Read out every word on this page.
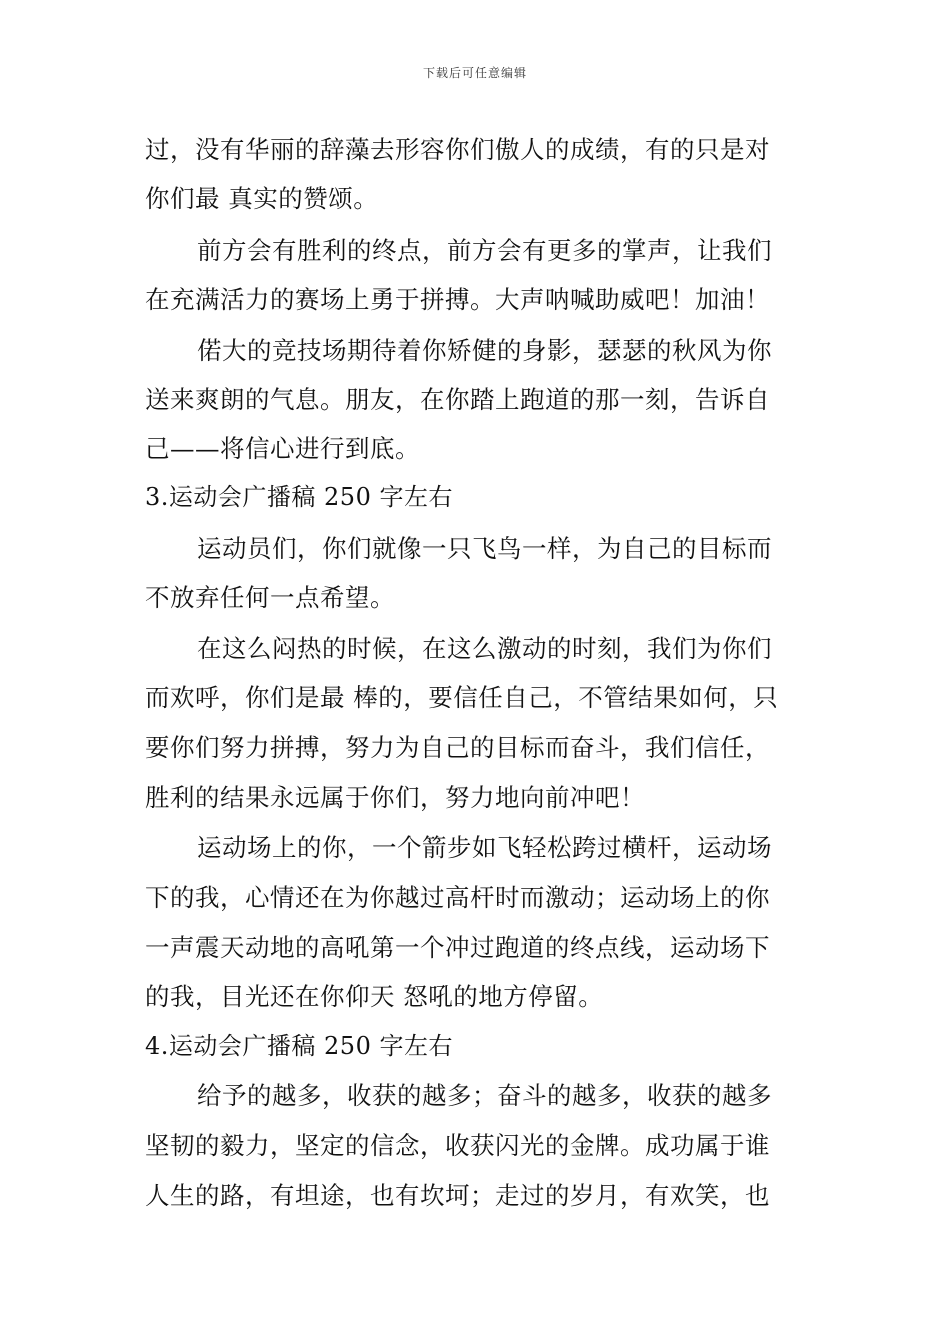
下载后可任意编辑
过，没有华丽的辞藻去形容你们傲人的成绩，有的只是对
你们最 真实的赞颂。
前方会有胜利的终点，前方会有更多的掌声，让我们
在充满活力的赛场上勇于拼搏。大声呐喊助威吧！加油！
偌大的竞技场期待着你矫健的身影，瑟瑟的秋风为你
送来爽朗的气息。朋友，在你踏上跑道的那一刻，告诉自
己——将信心进行到底。
3.运动会广播稿 250 字左右
运动员们，你们就像一只飞鸟一样，为自己的目标而
不放弃任何一点希望。
在这么闷热的时候，在这么激动的时刻，我们为你们
而欢呼，你们是最 棒的，要信任自己，不管结果如何，只
要你们努力拼搏，努力为自己的目标而奋斗，我们信任，
胜利的结果永远属于你们，努力地向前冲吧！
运动场上的你，一个箭步如飞轻松跨过横杆，运动场
下的我，心情还在为你越过高杆时而激动；运动场上的你
一声震天动地的高吼第一个冲过跑道的终点线，运动场下
的我，目光还在你仰天 怒吼的地方停留。
4.运动会广播稿 250 字左右
给予的越多，收获的越多；奋斗的越多，收获的越多
坚韧的毅力，坚定的信念，收获闪光的金牌。成功属于谁
人生的路，有坦途，也有坎坷；走过的岁月，有欢笑，也
